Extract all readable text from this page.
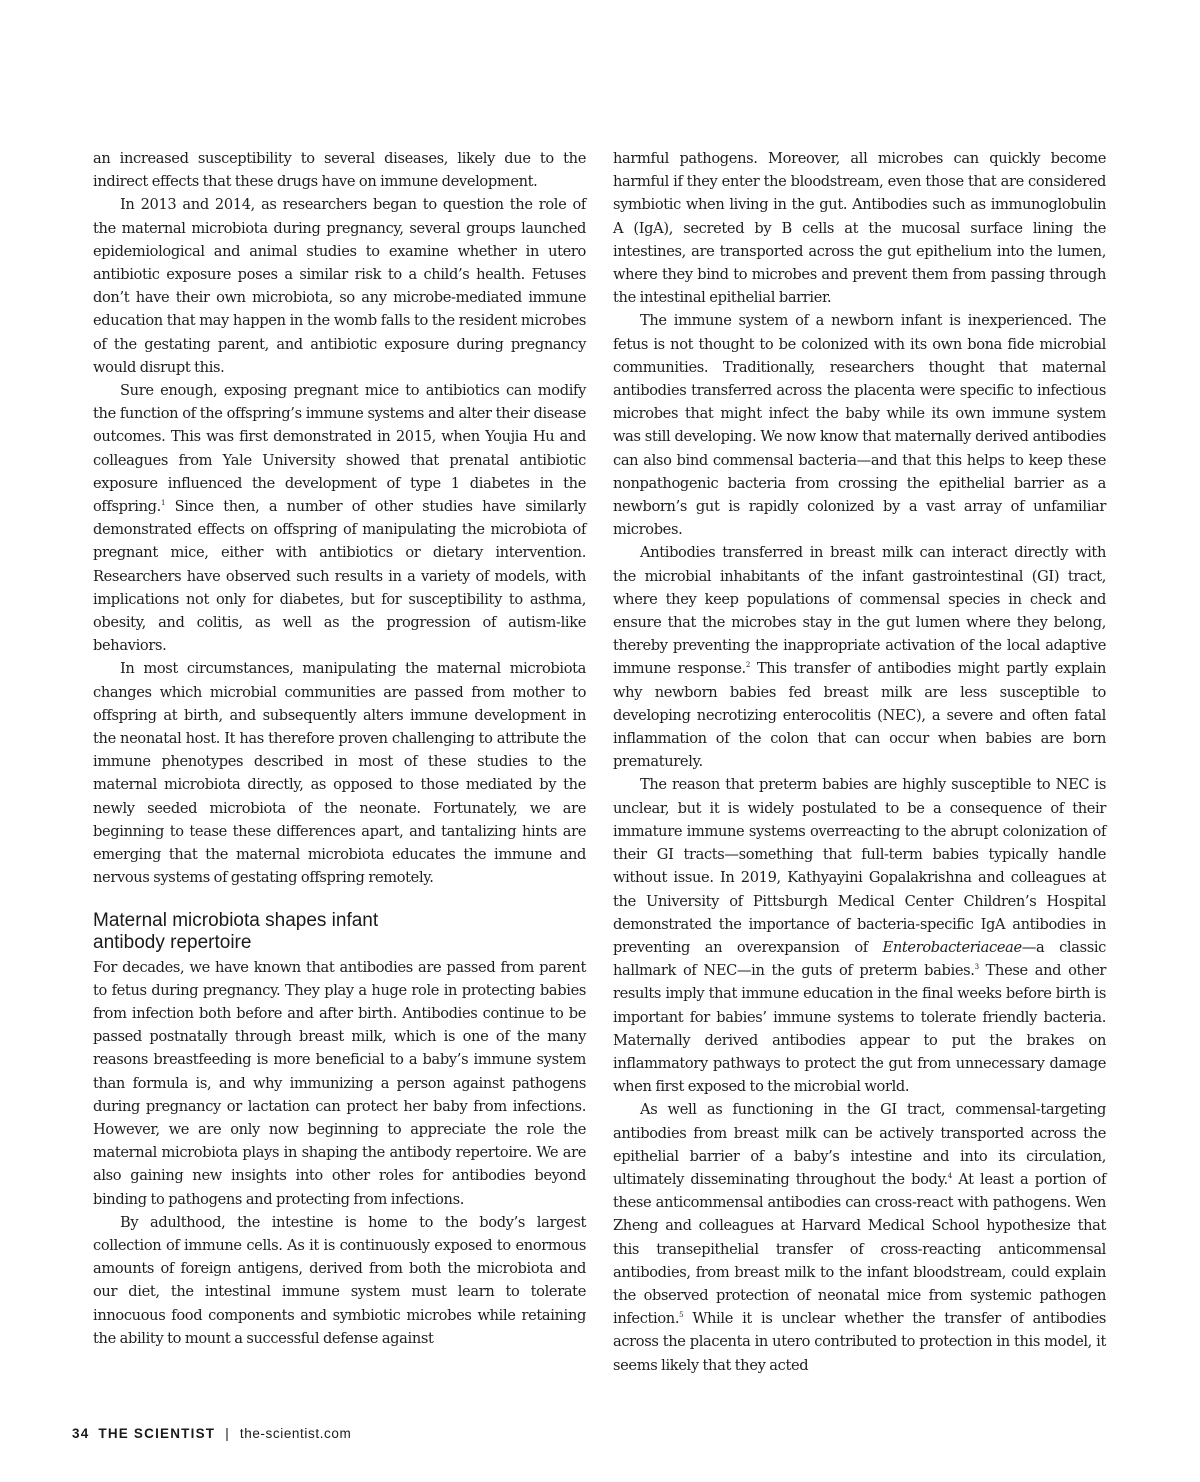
an increased susceptibility to several diseases, likely due to the indirect effects that these drugs have on immune development.

In 2013 and 2014, as researchers began to question the role of the maternal microbiota during pregnancy, several groups launched epidemiological and animal studies to examine whether in utero antibiotic exposure poses a similar risk to a child’s health. Fetuses don’t have their own microbiota, so any microbe-mediated immune education that may happen in the womb falls to the resident microbes of the gestating parent, and antibiotic exposure during pregnancy would disrupt this.

Sure enough, exposing pregnant mice to antibiotics can modify the function of the offspring’s immune systems and alter their disease outcomes. This was first demonstrated in 2015, when Youjia Hu and colleagues from Yale University showed that prenatal antibiotic exposure influenced the development of type 1 diabetes in the offspring.$^1$ Since then, a number of other studies have similarly demonstrated effects on offspring of manipulating the microbiota of pregnant mice, either with antibiotics or dietary intervention. Researchers have observed such results in a variety of models, with implications not only for diabetes, but for susceptibility to asthma, obesity, and colitis, as well as the progression of autism-like behaviors.

In most circumstances, manipulating the maternal microbiota changes which microbial communities are passed from mother to offspring at birth, and subsequently alters immune development in the neonatal host. It has therefore proven challenging to attribute the immune phenotypes described in most of these studies to the maternal microbiota directly, as opposed to those mediated by the newly seeded microbiota of the neonate. Fortunately, we are beginning to tease these differences apart, and tantalizing hints are emerging that the maternal microbiota educates the immune and nervous systems of gestating offspring remotely.

Maternal microbiota shapes infant
antibody repertoire

For decades, we have known that antibodies are passed from parent to fetus during pregnancy. They play a huge role in protecting babies from infection both before and after birth. Antibodies continue to be passed postnatally through breast milk, which is one of the many reasons breastfeeding is more beneficial to a baby’s immune system than formula is, and why immunizing a person against pathogens during pregnancy or lactation can protect her baby from infections. However, we are only now beginning to appreciate the role the maternal microbiota plays in shaping the antibody repertoire. We are also gaining new insights into other roles for antibodies beyond binding to pathogens and protecting from infections.

By adulthood, the intestine is home to the body’s largest collection of immune cells. As it is continuously exposed to enormous amounts of foreign antigens, derived from both the microbiota and our diet, the intestinal immune system must learn to tolerate innocuous food components and symbiotic microbes while retaining the ability to mount a successful defense against

harmful pathogens. Moreover, all microbes can quickly become harmful if they enter the bloodstream, even those that are considered symbiotic when living in the gut. Antibodies such as immunoglobulin A (IgA), secreted by B cells at the mucosal surface lining the intestines, are transported across the gut epithelium into the lumen, where they bind to microbes and prevent them from passing through the intestinal epithelial barrier.

The immune system of a newborn infant is inexperienced. The fetus is not thought to be colonized with its own bona fide microbial communities. Traditionally, researchers thought that maternal antibodies transferred across the placenta were specific to infectious microbes that might infect the baby while its own immune system was still developing. We now know that maternally derived antibodies can also bind commensal bacteria—and that this helps to keep these nonpathogenic bacteria from crossing the epithelial barrier as a newborn’s gut is rapidly colonized by a vast array of unfamiliar microbes.

Antibodies transferred in breast milk can interact directly with the microbial inhabitants of the infant gastrointestinal (GI) tract, where they keep populations of commensal species in check and ensure that the microbes stay in the gut lumen where they belong, thereby preventing the inappropriate activation of the local adaptive immune response.$^2$ This transfer of antibodies might partly explain why newborn babies fed breast milk are less susceptible to developing necrotizing enterocolitis (NEC), a severe and often fatal inflammation of the colon that can occur when babies are born prematurely.

The reason that preterm babies are highly susceptible to NEC is unclear, but it is widely postulated to be a consequence of their immature immune systems overreacting to the abrupt colonization of their GI tracts—something that full-term babies typically handle without issue. In 2019, Kathyayini Gopalakrishna and colleagues at the University of Pittsburgh Medical Center Children’s Hospital demonstrated the importance of bacteria-specific IgA antibodies in preventing an overexpansion of Enterobacteriaceae—a classic hallmark of NEC—in the guts of preterm babies.$^3$ These and other results imply that immune education in the final weeks before birth is important for babies’ immune systems to tolerate friendly bacteria. Maternally derived antibodies appear to put the brakes on inflammatory pathways to protect the gut from unnecessary damage when first exposed to the microbial world.

As well as functioning in the GI tract, commensal-targeting antibodies from breast milk can be actively transported across the epithelial barrier of a baby’s intestine and into its circulation, ultimately disseminating throughout the body.$^4$ At least a portion of these anticommensal antibodies can cross-react with pathogens. Wen Zheng and colleagues at Harvard Medical School hypothesize that this transepithelial transfer of cross-reacting anticommensal antibodies, from breast milk to the infant bloodstream, could explain the observed protection of neonatal mice from systemic pathogen infection.$^5$ While it is unclear whether the transfer of antibodies across the placenta in utero contributed to protection in this model, it seems likely that they acted

34 THE SCIENTIST | the-scientist.com
